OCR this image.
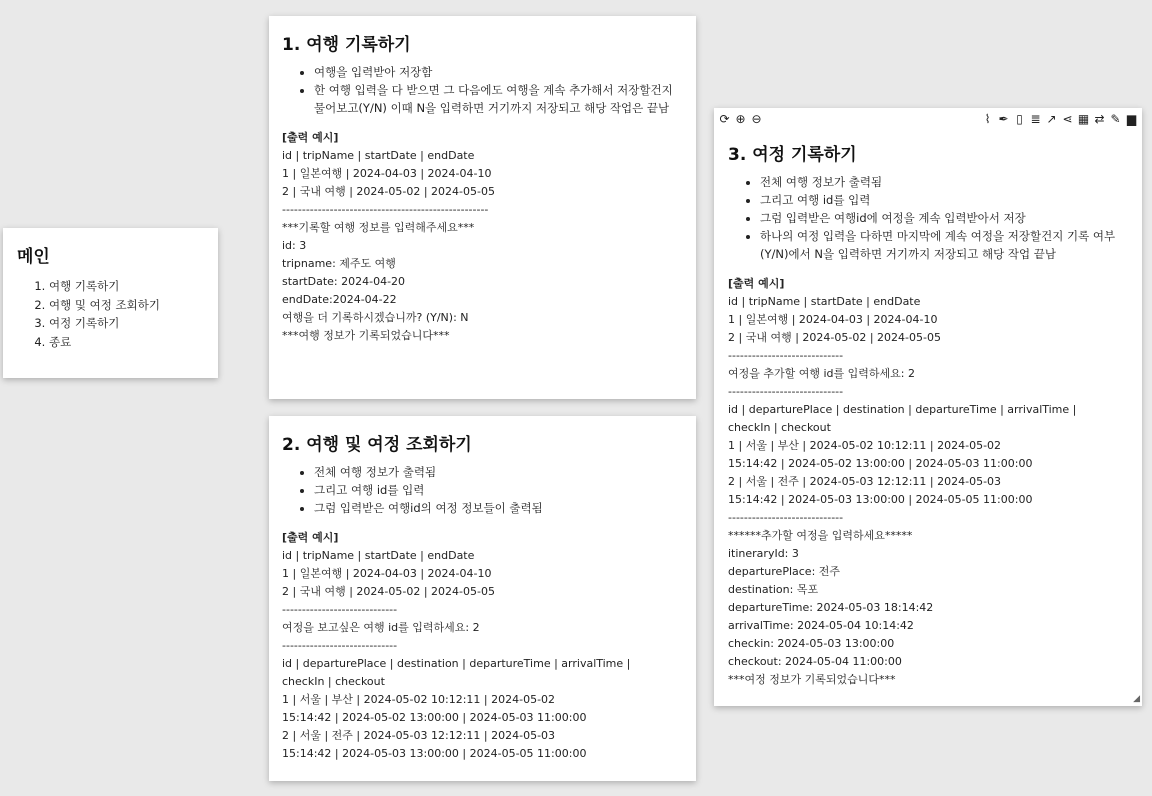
메인
1. 여행 기록하기
2. 여행 및 여정 조회하기
3. 여정 기록하기
4. 종료
1. 여행 기록하기
• 여행을 입력받아 저장함
• 한 여행 입력을 다 받으면 그 다음에도 여행을 계속 추가해서 저장할건지 물어보고(Y/N) 이때 N을 입력하면 거기까지 저장되고 해당 작업은 끝남
[출력 예시]
id | tripName | startDate | endDate
1 | 일본여행 | 2024-04-03 | 2024-04-10
2 | 국내 여행 | 2024-05-02 | 2024-05-05
----------------------------------------------------
***기록할 여행 정보를 입력해주세요***
id: 3
tripname: 제주도 여행
startDate: 2024-04-20
endDate:2024-04-22
여행을 더 기록하시겠습니까? (Y/N): N
***여행 정보가 기록되었습니다***
2. 여행 및 여정 조회하기
• 전체 여행 정보가 출력됨
• 그리고 여행 id를 입력
• 그럼 입력받은 여행id의 여정 정보들이 출력됨
[출력 예시]
id | tripName | startDate | endDate
1 | 일본여행 | 2024-04-03 | 2024-04-10
2 | 국내 여행 | 2024-05-02 | 2024-05-05
-----------------------------
여정을 보고싶은 여행 id를 입력하세요: 2
-----------------------------
id | departurePlace | destination | departureTime | arrivalTime |
checkIn | checkout
1 | 서울 | 부산 | 2024-05-02 10:12:11 | 2024-05-02
15:14:42 | 2024-05-02 13:00:00 | 2024-05-03 11:00:00
2 | 서울 | 전주 | 2024-05-03 12:12:11 | 2024-05-03
15:14:42 | 2024-05-03 13:00:00 | 2024-05-05 11:00:00
⟳ ⊕ ⊖	⌇ ✒ ▯ ≣ ↗ ⋖ ▦ ⇄ ✎ ▆
3. 여정 기록하기
• 전체 여행 정보가 출력됨
• 그리고 여행 id를 입력
• 그럼 입력받은 여행id에 여정을 계속 입력받아서 저장
• 하나의 여정 입력을 다하면 마지막에 계속 여정을 저장할건지 기록 여부(Y/N)에서 N을 입력하면 거기까지 저장되고 해당 작업 끝남
[출력 예시]
id | tripName | startDate | endDate
1 | 일본여행 | 2024-04-03 | 2024-04-10
2 | 국내 여행 | 2024-05-02 | 2024-05-05
-----------------------------
여정을 추가할 여행 id를 입력하세요: 2
-----------------------------
id | departurePlace | destination | departureTime | arrivalTime |
checkIn | checkout
1 | 서울 | 부산 | 2024-05-02 10:12:11 | 2024-05-02
15:14:42 | 2024-05-02 13:00:00 | 2024-05-03 11:00:00
2 | 서울 | 전주 | 2024-05-03 12:12:11 | 2024-05-03
15:14:42 | 2024-05-03 13:00:00 | 2024-05-05 11:00:00
-----------------------------
******추가할 여정을 입력하세요*****
itineraryId: 3
departurePlace: 전주
destination: 목포
departureTime: 2024-05-03 18:14:42
arrivalTime: 2024-05-04 10:14:42
checkin: 2024-05-03 13:00:00
checkout: 2024-05-04 11:00:00
***여정 정보가 기록되었습니다***
◢
